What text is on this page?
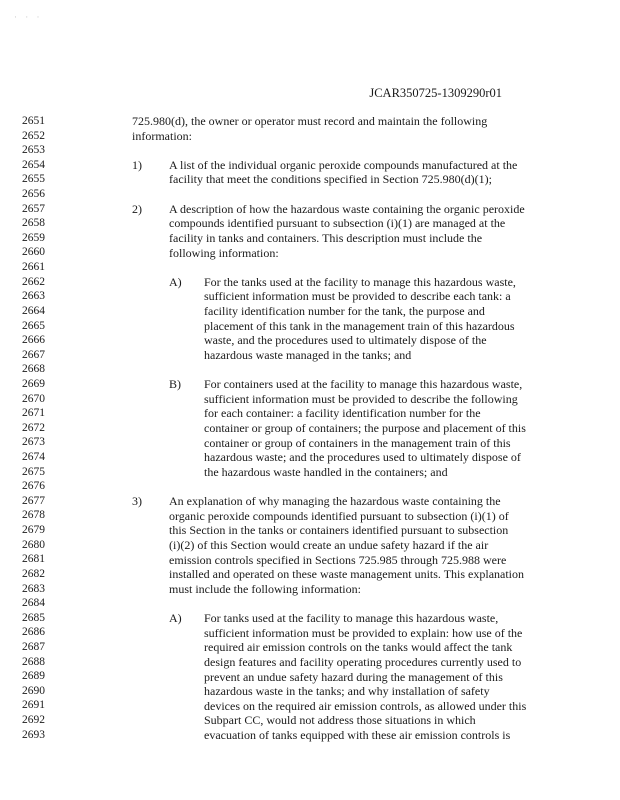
· · ·
JCAR350725-1309290r01
2651
2652
2653
2654
2655
2656
2657
2658
2659
2660
2661
2662
2663
2664
2665
2666
2667
2668
2669
2670
2671
2672
2673
2674
2675
2676
2677
2678
2679
2680
2681
2682
2683
2684
2685
2686
2687
2688
2689
2690
2691
2692
2693
725.980(d), the owner or operator must record and maintain the following
information:
1) A list of the individual organic peroxide compounds manufactured at the
facility that meet the conditions specified in Section 725.980(d)(1);
2) A description of how the hazardous waste containing the organic peroxide
compounds identified pursuant to subsection (i)(1) are managed at the
facility in tanks and containers. This description must include the
following information:
A) For the tanks used at the facility to manage this hazardous waste,
sufficient information must be provided to describe each tank: a
facility identification number for the tank, the purpose and
placement of this tank in the management train of this hazardous
waste, and the procedures used to ultimately dispose of the
hazardous waste managed in the tanks; and
B) For containers used at the facility to manage this hazardous waste,
sufficient information must be provided to describe the following
for each container: a facility identification number for the
container or group of containers; the purpose and placement of this
container or group of containers in the management train of this
hazardous waste; and the procedures used to ultimately dispose of
the hazardous waste handled in the containers; and
3) An explanation of why managing the hazardous waste containing the
organic peroxide compounds identified pursuant to subsection (i)(1) of
this Section in the tanks or containers identified pursuant to subsection
(i)(2) of this Section would create an undue safety hazard if the air
emission controls specified in Sections 725.985 through 725.988 were
installed and operated on these waste management units. This explanation
must include the following information:
A) For tanks used at the facility to manage this hazardous waste,
sufficient information must be provided to explain: how use of the
required air emission controls on the tanks would affect the tank
design features and facility operating procedures currently used to
prevent an undue safety hazard during the management of this
hazardous waste in the tanks; and why installation of safety
devices on the required air emission controls, as allowed under this
Subpart CC, would not address those situations in which
evacuation of tanks equipped with these air emission controls is
